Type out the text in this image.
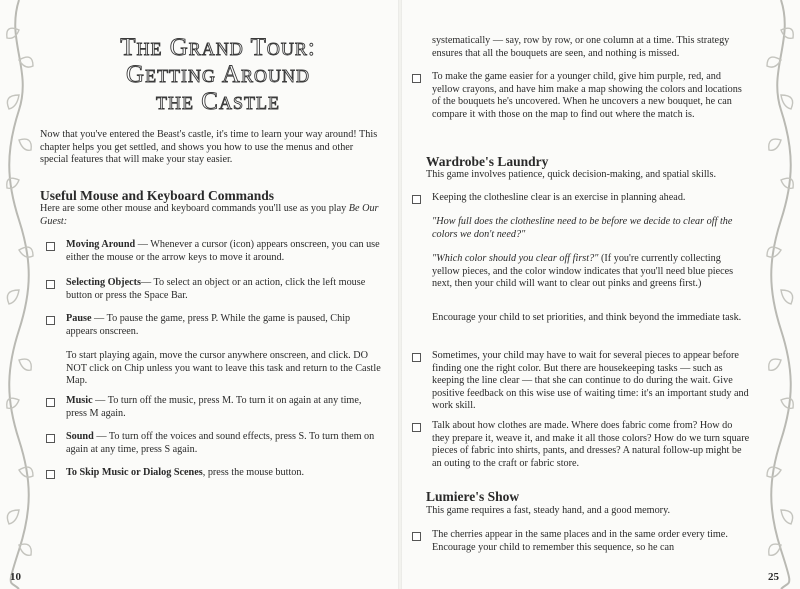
The Grand Tour:
Getting Around
the Castle
Now that you've entered the Beast's castle, it's time to learn your way around! This chapter helps you get settled, and shows you how to use the menus and other special features that will make your stay easier.
Useful Mouse and Keyboard Commands
Here are some other mouse and keyboard commands you'll use as you play Be Our Guest:
Moving Around — Whenever a cursor (icon) appears onscreen, you can use either the mouse or the arrow keys to move it around.
Selecting Objects— To select an object or an action, click the left mouse button or press the Space Bar.
Pause — To pause the game, press P. While the game is paused, Chip appears onscreen.
To start playing again, move the cursor anywhere onscreen, and click. DO NOT click on Chip unless you want to leave this task and return to the Castle Map.
Music — To turn off the music, press M. To turn it on again at any time, press M again.
Sound — To turn off the voices and sound effects, press S. To turn them on again at any time, press S again.
To Skip Music or Dialog Scenes, press the mouse button.
10
systematically — say, row by row, or one column at a time. This strategy ensures that all the bouquets are seen, and nothing is missed.
To make the game easier for a younger child, give him purple, red, and yellow crayons, and have him make a map showing the colors and locations of the bouquets he's uncovered. When he uncovers a new bouquet, he can compare it with those on the map to find out where the match is.
Wardrobe's Laundry
This game involves patience, quick decision-making, and spatial skills.
Keeping the clothesline clear is an exercise in planning ahead.
"How full does the clothesline need to be before we decide to clear off the colors we don't need?"
"Which color should you clear off first?" (If you're currently collecting yellow pieces, and the color window indicates that you'll need blue pieces next, then your child will want to clear out pinks and greens first.)
Encourage your child to set priorities, and think beyond the immediate task.
Sometimes, your child may have to wait for several pieces to appear before finding one the right color. But there are housekeeping tasks — such as keeping the line clear — that she can continue to do during the wait. Give positive feedback on this wise use of waiting time: it's an important study and work skill.
Talk about how clothes are made. Where does fabric come from? How do they prepare it, weave it, and make it all those colors? How do we turn square pieces of fabric into shirts, pants, and dresses? A natural follow-up might be an outing to the craft or fabric store.
Lumiere's Show
This game requires a fast, steady hand, and a good memory.
The cherries appear in the same places and in the same order every time. Encourage your child to remember this sequence, so he can
25
